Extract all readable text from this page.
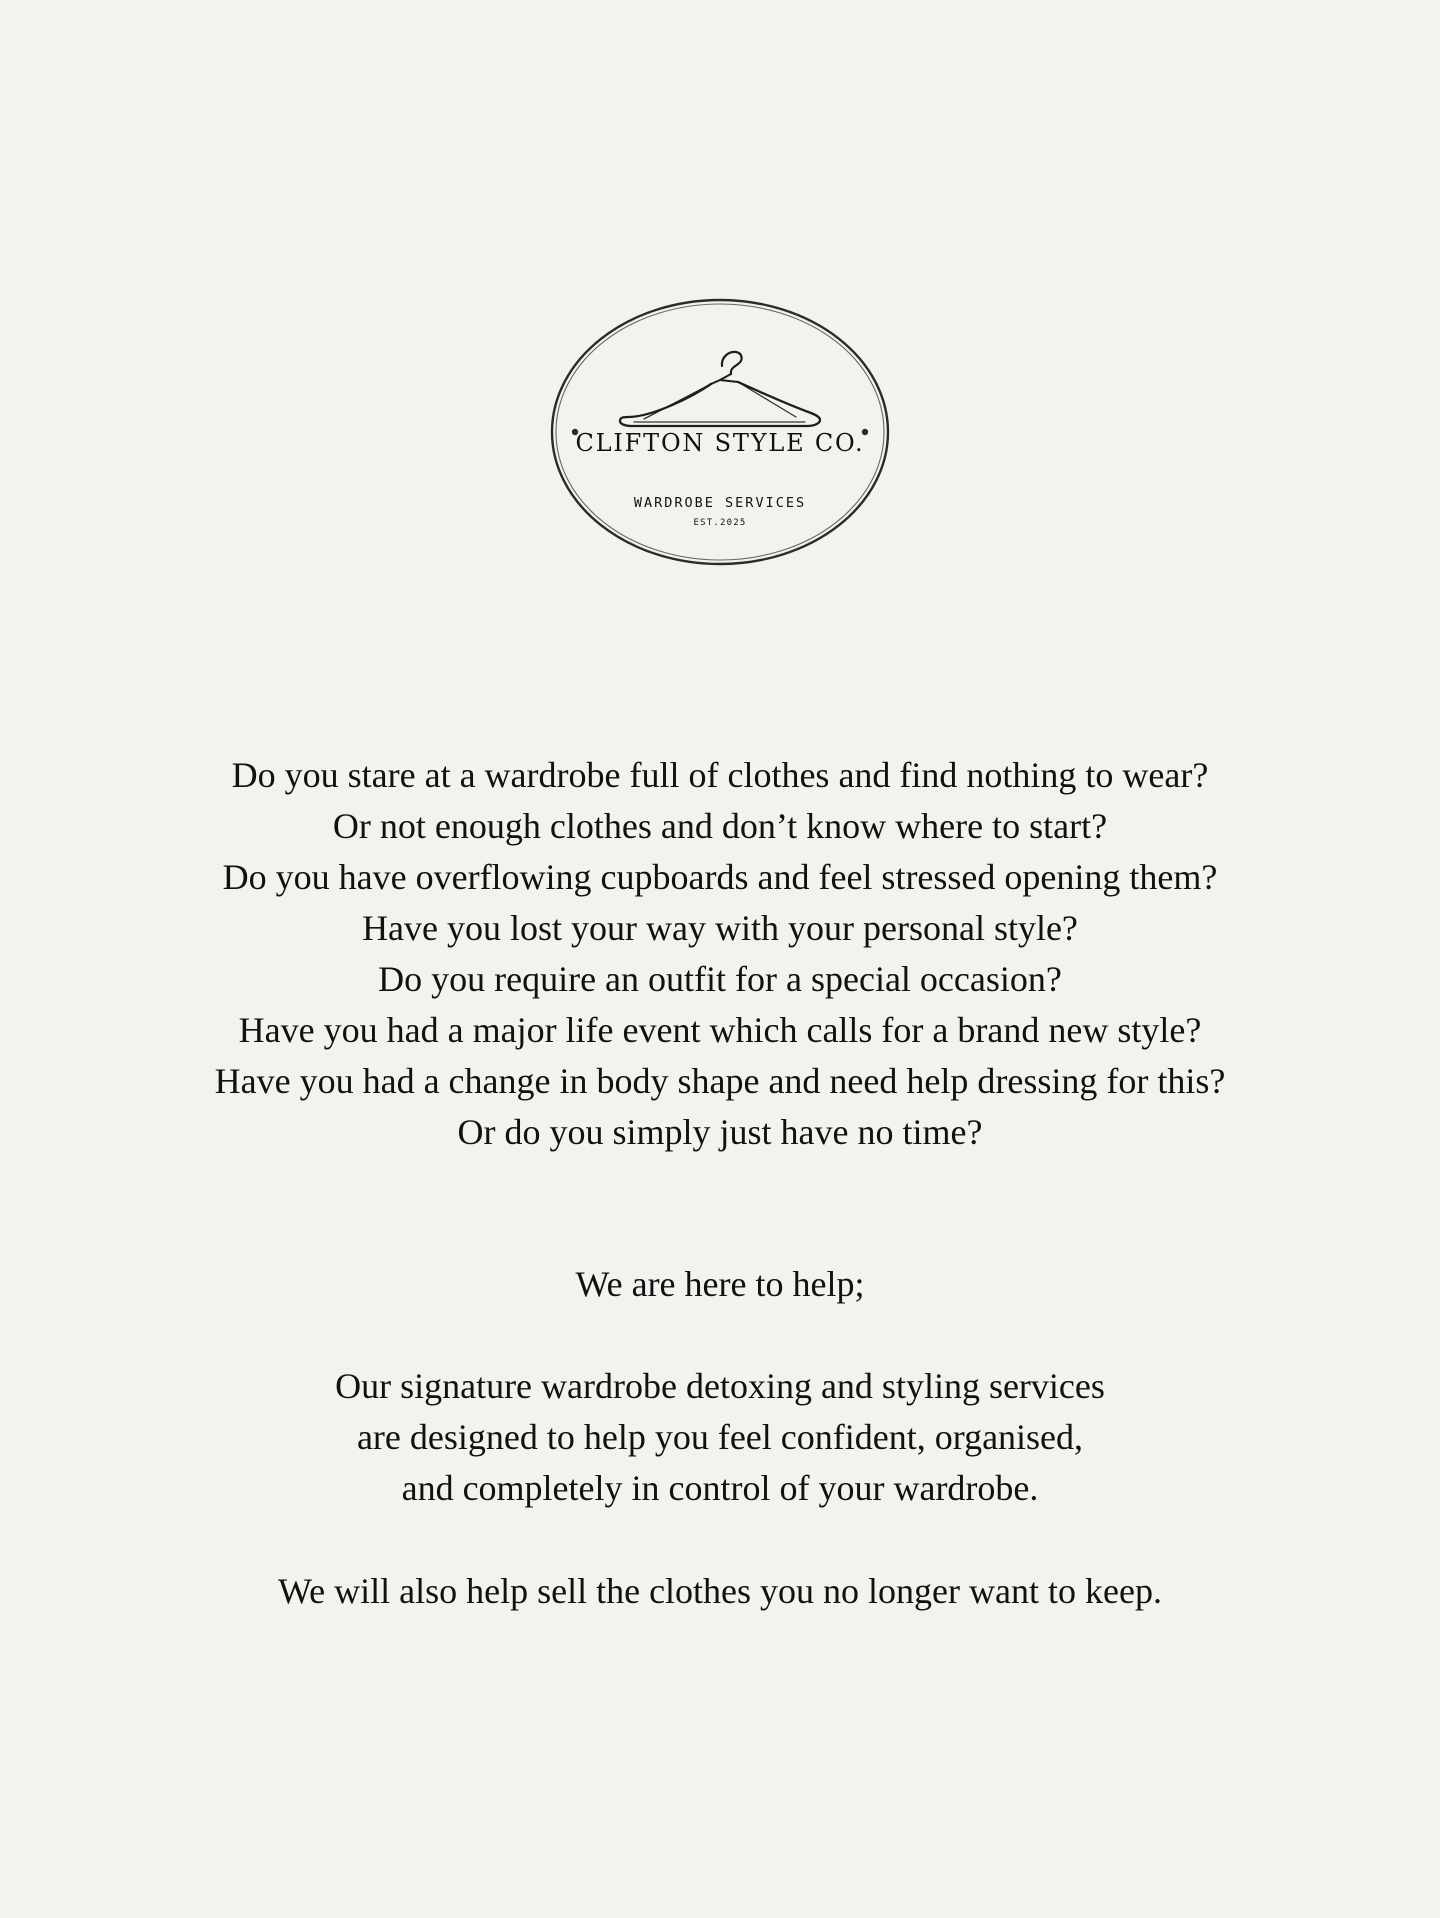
CLIFTON STYLE CO.
WARDROBE SERVICES
EST.2025
Do you stare at a wardrobe full of clothes and find nothing to wear?
Or not enough clothes and don’t know where to start?
Do you have overflowing cupboards and feel stressed opening them?
Have you lost your way with your personal style?
Do you require an outfit for a special occasion?
Have you had a major life event which calls for a brand new style?
Have you had a change in body shape and need help dressing for this?
Or do you simply just have no time?
We are here to help;
Our signature wardrobe detoxing and styling services
are designed to help you feel confident, organised,
and completely in control of your wardrobe.
We will also help sell the clothes you no longer want to keep.
